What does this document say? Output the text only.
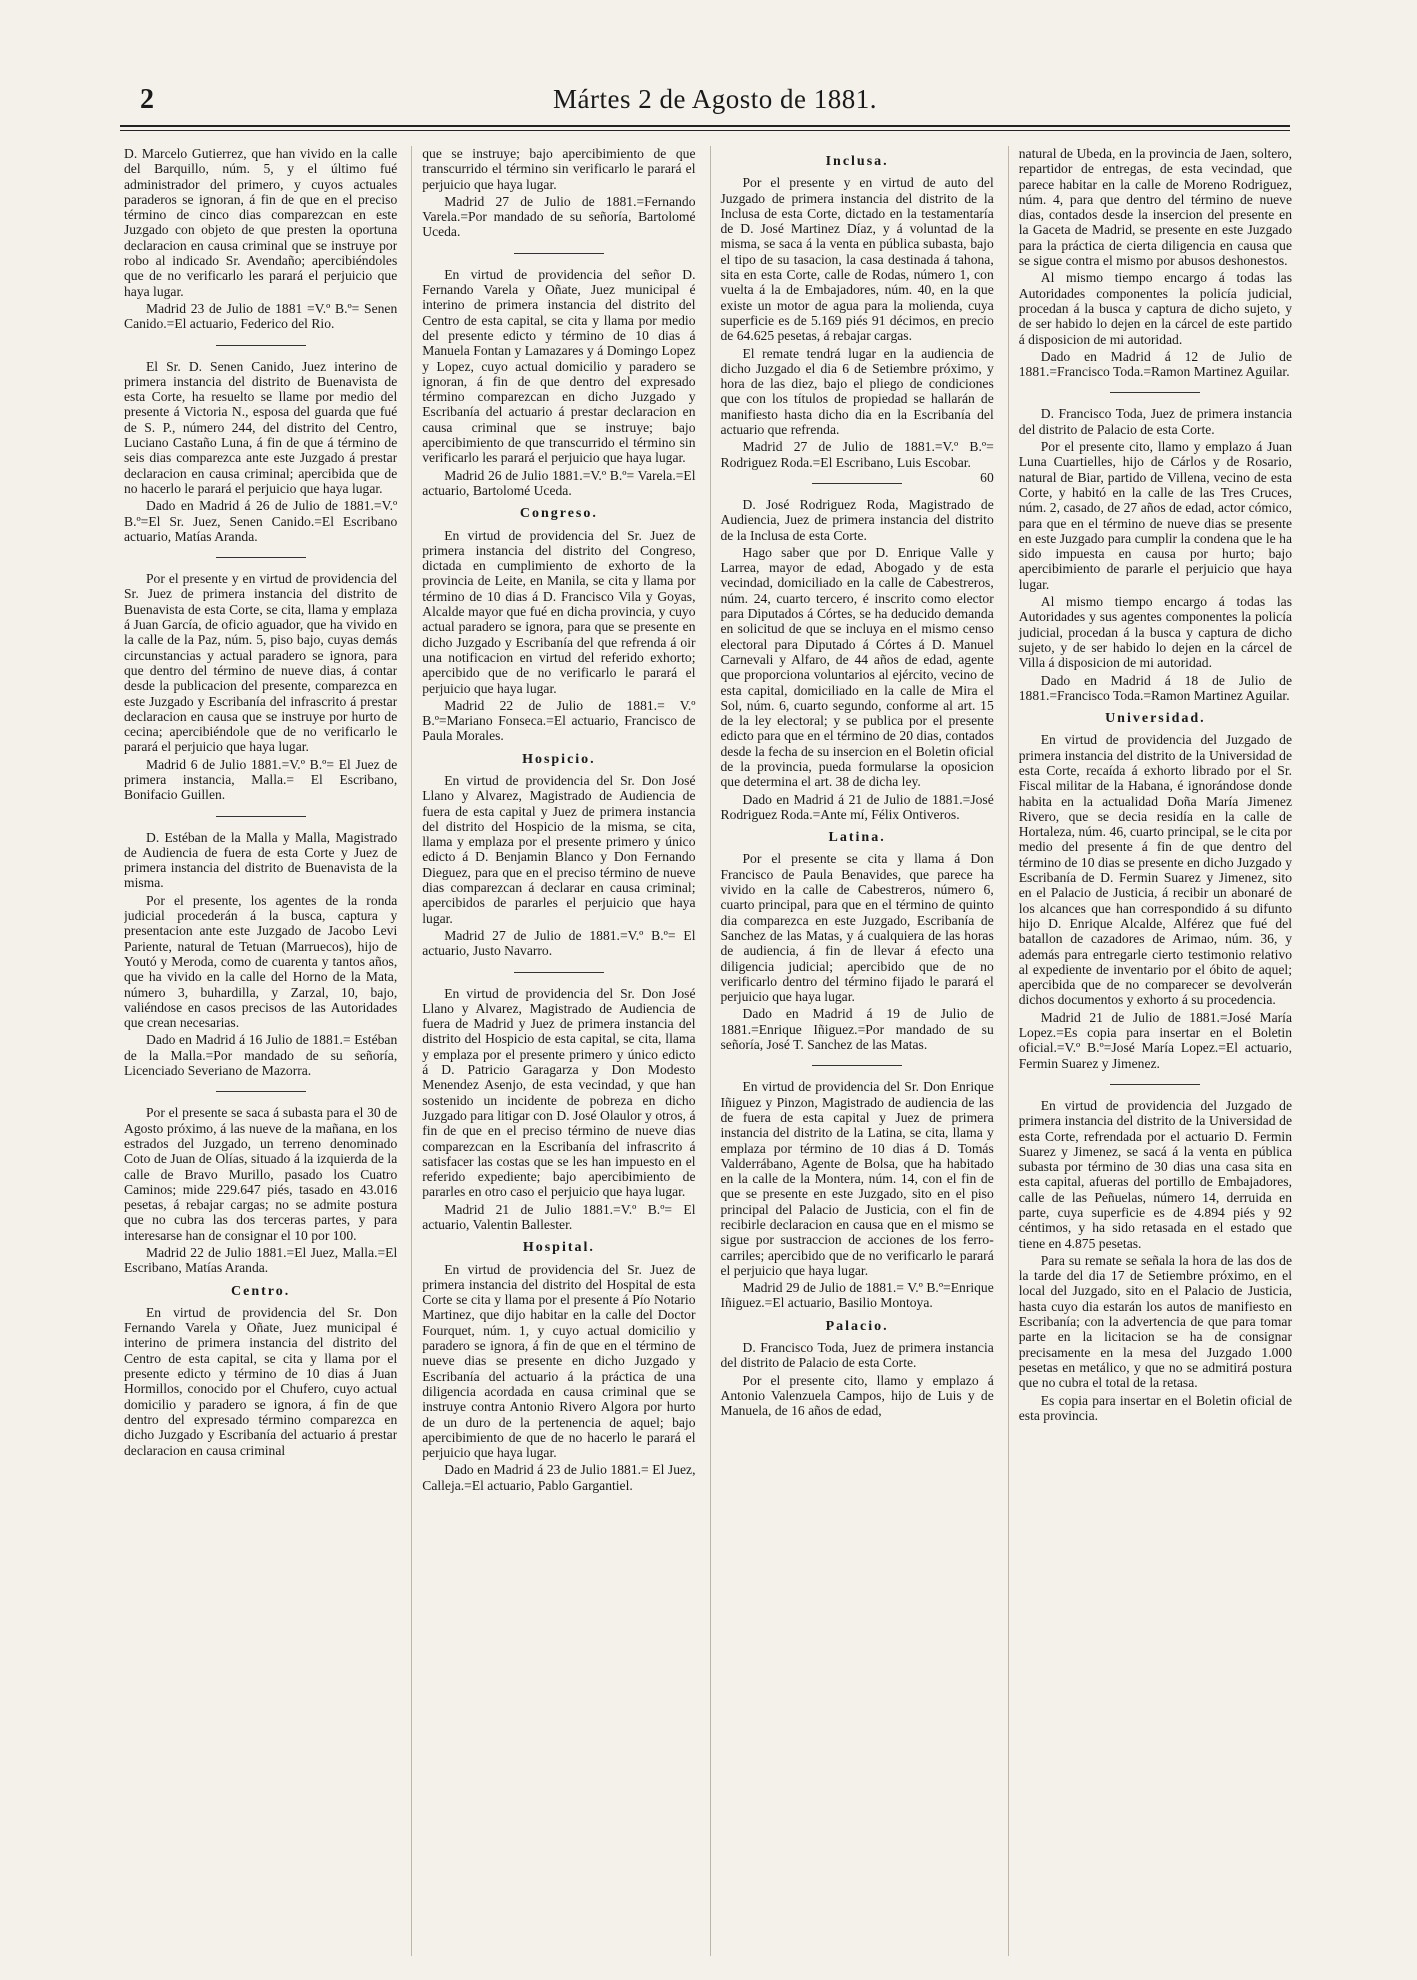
2	Mártes 2 de Agosto de 1881.

D. Marcelo Gutierrez, que han vivido en la calle del Barquillo, núm. 5, y el último fué administrador del primero, y cuyos actuales paraderos se ignoran, á fin de que en el preciso término de cinco dias comparezcan en este Juzgado con objeto de que presten la oportuna declaracion en causa criminal que se instruye por robo al indicado Sr. Avendaño; apercibiéndoles que de no verificarlo les parará el perjuicio que haya lugar.

Madrid 23 de Julio de 1881 =V.º B.º= Senen Canido.=El actuario, Federico del Rio.

El Sr. D. Senen Canido, Juez interino de primera instancia del distrito de Buenavista de esta Corte, ha resuelto se llame por medio del presente á Victoria N., esposa del guarda que fué de S. P., número 244, del distrito del Centro, Luciano Castaño Luna, á fin de que á término de seis dias comparezca ante este Juzgado á prestar declaracion en causa criminal; apercibida que de no hacerlo le parará el perjuicio que haya lugar.

Dado en Madrid á 26 de Julio de 1881.=V.º B.º=El Sr. Juez, Senen Canido.=El Escribano actuario, Matías Aranda.

Por el presente y en virtud de providencia del Sr. Juez de primera instancia del distrito de Buenavista de esta Corte, se cita, llama y emplaza á Juan García, de oficio aguador, que ha vivido en la calle de la Paz, núm. 5, piso bajo, cuyas demás circunstancias y actual paradero se ignora, para que dentro del término de nueve dias, á contar desde la publicacion del presente, comparezca en este Juzgado y Escribanía del infrascrito á prestar declaracion en causa que se instruye por hurto de cecina; apercibiéndole que de no verificarlo le parará el perjuicio que haya lugar.

Madrid 6 de Julio 1881.=V.º B.º= El Juez de primera instancia, Malla.= El Escribano, Bonifacio Guillen.

D. Estéban de la Malla y Malla, Magistrado de Audiencia de fuera de esta Corte y Juez de primera instancia del distrito de Buenavista de la misma.

Por el presente, los agentes de la ronda judicial procederán á la busca, captura y presentacion ante este Juzgado de Jacobo Levi Pariente, natural de Tetuan (Marruecos), hijo de Youtó y Meroda, como de cuarenta y tantos años, que ha vivido en la calle del Horno de la Mata, número 3, buhardilla, y Zarzal, 10, bajo, valiéndose en casos precisos de las Autoridades que crean necesarias.

Dado en Madrid á 16 Julio de 1881.= Estéban de la Malla.=Por mandado de su señoría, Licenciado Severiano de Mazorra.

Por el presente se saca á subasta para el 30 de Agosto próximo, á las nueve de la mañana, en los estrados del Juzgado, un terreno denominado Coto de Juan de Olías, situado á la izquierda de la calle de Bravo Murillo, pasado los Cuatro Caminos; mide 229.647 piés, tasado en 43.016 pesetas, á rebajar cargas; no se admite postura que no cubra las dos terceras partes, y para interesarse han de consignar el 10 por 100.

Madrid 22 de Julio 1881.=El Juez, Malla.=El Escribano, Matías Aranda.

Centro.

En virtud de providencia del Sr. Don Fernando Varela y Oñate, Juez municipal é interino de primera instancia del distrito del Centro de esta capital, se cita y llama por el presente edicto y término de 10 dias á Juan Hormillos, conocido por el Chufero, cuyo actual domicilio y paradero se ignora, á fin de que dentro del expresado término comparezca en dicho Juzgado y Escribanía del actuario á prestar declaracion en causa criminal

que se instruye; bajo apercibimiento de que transcurrido el término sin verificarlo le parará el perjuicio que haya lugar.

Madrid 27 de Julio de 1881.=Fernando Varela.=Por mandado de su señoría, Bartolomé Uceda.

En virtud de providencia del señor D. Fernando Varela y Oñate, Juez municipal é interino de primera instancia del distrito del Centro de esta capital, se cita y llama por medio del presente edicto y término de 10 dias á Manuela Fontan y Lamazares y á Domingo Lopez y Lopez, cuyo actual domicilio y paradero se ignoran, á fin de que dentro del expresado término comparezcan en dicho Juzgado y Escribanía del actuario á prestar declaracion en causa criminal que se instruye; bajo apercibimiento de que transcurrido el término sin verificarlo les parará el perjuicio que haya lugar.

Madrid 26 de Julio 1881.=V.º B.º= Varela.=El actuario, Bartolomé Uceda.

Congreso.

En virtud de providencia del Sr. Juez de primera instancia del distrito del Congreso, dictada en cumplimiento de exhorto de la provincia de Leite, en Manila, se cita y llama por término de 10 dias á D. Francisco Vila y Goyas, Alcalde mayor que fué en dicha provincia, y cuyo actual paradero se ignora, para que se presente en dicho Juzgado y Escribanía del que refrenda á oir una notificacion en virtud del referido exhorto; apercibido que de no verificarlo le parará el perjuicio que haya lugar.

Madrid 22 de Julio de 1881.= V.º B.º=Mariano Fonseca.=El actuario, Francisco de Paula Morales.

Hospicio.

En virtud de providencia del Sr. Don José Llano y Alvarez, Magistrado de Audiencia de fuera de esta capital y Juez de primera instancia del distrito del Hospicio de la misma, se cita, llama y emplaza por el presente primero y único edicto á D. Benjamin Blanco y Don Fernando Dieguez, para que en el preciso término de nueve dias comparezcan á declarar en causa criminal; apercibidos de pararles el perjuicio que haya lugar.

Madrid 27 de Julio de 1881.=V.º B.º= El actuario, Justo Navarro.

En virtud de providencia del Sr. Don José Llano y Alvarez, Magistrado de Audiencia de fuera de Madrid y Juez de primera instancia del distrito del Hospicio de esta capital, se cita, llama y emplaza por el presente primero y único edicto á D. Patricio Garagarza y Don Modesto Menendez Asenjo, de esta vecindad, y que han sostenido un incidente de pobreza en dicho Juzgado para litigar con D. José Olaulor y otros, á fin de que en el preciso término de nueve dias comparezcan en la Escribanía del infrascrito á satisfacer las costas que se les han impuesto en el referido expediente; bajo apercibimiento de pararles en otro caso el perjuicio que haya lugar.

Madrid 21 de Julio 1881.=V.º B.º= El actuario, Valentin Ballester.

Hospital.

En virtud de providencia del Sr. Juez de primera instancia del distrito del Hospital de esta Corte se cita y llama por el presente á Pío Notario Martinez, que dijo habitar en la calle del Doctor Fourquet, núm. 1, y cuyo actual domicilio y paradero se ignora, á fin de que en el término de nueve dias se presente en dicho Juzgado y Escribanía del actuario á la práctica de una diligencia acordada en causa criminal que se instruye contra Antonio Rivero Algora por hurto de un duro de la pertenencia de aquel; bajo apercibimiento de que de no hacerlo le parará el perjuicio que haya lugar.

Dado en Madrid á 23 de Julio 1881.= El Juez, Calleja.=El actuario, Pablo Gargantiel.

Inclusa.

Por el presente y en virtud de auto del Juzgado de primera instancia del distrito de la Inclusa de esta Corte, dictado en la testamentaría de D. José Martinez Díaz, y á voluntad de la misma, se saca á la venta en pública subasta, bajo el tipo de su tasacion, la casa destinada á tahona, sita en esta Corte, calle de Rodas, número 1, con vuelta á la de Embajadores, núm. 40, en la que existe un motor de agua para la molienda, cuya superficie es de 5.169 piés 91 décimos, en precio de 64.625 pesetas, á rebajar cargas.

El remate tendrá lugar en la audiencia de dicho Juzgado el dia 6 de Setiembre próximo, y hora de las diez, bajo el pliego de condiciones que con los títulos de propiedad se hallarán de manifiesto hasta dicho dia en la Escribanía del actuario que refrenda.

Madrid 27 de Julio de 1881.=V.º B.º= Rodriguez Roda.=El Escribano, Luis Escobar.
60

D. José Rodriguez Roda, Magistrado de Audiencia, Juez de primera instancia del distrito de la Inclusa de esta Corte.

Hago saber que por D. Enrique Valle y Larrea, mayor de edad, Abogado y de esta vecindad, domiciliado en la calle de Cabestreros, núm. 24, cuarto tercero, é inscrito como elector para Diputados á Córtes, se ha deducido demanda en solicitud de que se incluya en el mismo censo electoral para Diputado á Córtes á D. Manuel Carnevali y Alfaro, de 44 años de edad, agente que proporciona voluntarios al ejército, vecino de esta capital, domiciliado en la calle de Mira el Sol, núm. 6, cuarto segundo, conforme al art. 15 de la ley electoral; y se publica por el presente edicto para que en el término de 20 dias, contados desde la fecha de su insercion en el Boletin oficial de la provincia, pueda formularse la oposicion que determina el art. 38 de dicha ley.

Dado en Madrid á 21 de Julio de 1881.=José Rodriguez Roda.=Ante mí, Félix Ontiveros.

Latina.

Por el presente se cita y llama á Don Francisco de Paula Benavides, que parece ha vivido en la calle de Cabestreros, número 6, cuarto principal, para que en el término de quinto dia comparezca en este Juzgado, Escribanía de Sanchez de las Matas, y á cualquiera de las horas de audiencia, á fin de llevar á efecto una diligencia judicial; apercibido que de no verificarlo dentro del término fijado le parará el perjuicio que haya lugar.

Dado en Madrid á 19 de Julio de 1881.=Enrique Iñiguez.=Por mandado de su señoría, José T. Sanchez de las Matas.

En virtud de providencia del Sr. Don Enrique Iñiguez y Pinzon, Magistrado de audiencia de las de fuera de esta capital y Juez de primera instancia del distrito de la Latina, se cita, llama y emplaza por término de 10 dias á D. Tomás Valderrábano, Agente de Bolsa, que ha habitado en la calle de la Montera, núm. 14, con el fin de que se presente en este Juzgado, sito en el piso principal del Palacio de Justicia, con el fin de recibirle declaracion en causa que en el mismo se sigue por sustraccion de acciones de los ferro-carriles; apercibido que de no verificarlo le parará el perjuicio que haya lugar.

Madrid 29 de Julio de 1881.= V.º B.º=Enrique Iñiguez.=El actuario, Basilio Montoya.

Palacio.

D. Francisco Toda, Juez de primera instancia del distrito de Palacio de esta Corte.

Por el presente cito, llamo y emplazo á Antonio Valenzuela Campos, hijo de Luis y de Manuela, de 16 años de edad,

natural de Ubeda, en la provincia de Jaen, soltero, repartidor de entregas, de esta vecindad, que parece habitar en la calle de Moreno Rodriguez, núm. 4, para que dentro del término de nueve dias, contados desde la insercion del presente en la Gaceta de Madrid, se presente en este Juzgado para la práctica de cierta diligencia en causa que se sigue contra el mismo por abusos deshonestos.

Al mismo tiempo encargo á todas las Autoridades componentes la policía judicial, procedan á la busca y captura de dicho sujeto, y de ser habido lo dejen en la cárcel de este partido á disposicion de mi autoridad.

Dado en Madrid á 12 de Julio de 1881.=Francisco Toda.=Ramon Martinez Aguilar.

D. Francisco Toda, Juez de primera instancia del distrito de Palacio de esta Corte.

Por el presente cito, llamo y emplazo á Juan Luna Cuartielles, hijo de Cárlos y de Rosario, natural de Biar, partido de Villena, vecino de esta Corte, y habitó en la calle de las Tres Cruces, núm. 2, casado, de 27 años de edad, actor cómico, para que en el término de nueve dias se presente en este Juzgado para cumplir la condena que le ha sido impuesta en causa por hurto; bajo apercibimiento de pararle el perjuicio que haya lugar.

Al mismo tiempo encargo á todas las Autoridades y sus agentes componentes la policía judicial, procedan á la busca y captura de dicho sujeto, y de ser habido lo dejen en la cárcel de Villa á disposicion de mi autoridad.

Dado en Madrid á 18 de Julio de 1881.=Francisco Toda.=Ramon Martinez Aguilar.

Universidad.

En virtud de providencia del Juzgado de primera instancia del distrito de la Universidad de esta Corte, recaída á exhorto librado por el Sr. Fiscal militar de la Habana, é ignorándose donde habita en la actualidad Doña María Jimenez Rivero, que se decia residía en la calle de Hortaleza, núm. 46, cuarto principal, se le cita por medio del presente á fin de que dentro del término de 10 dias se presente en dicho Juzgado y Escribanía de D. Fermin Suarez y Jimenez, sito en el Palacio de Justicia, á recibir un abonaré de los alcances que han correspondido á su difunto hijo D. Enrique Alcalde, Alférez que fué del batallon de cazadores de Arimao, núm. 36, y además para entregarle cierto testimonio relativo al expediente de inventario por el óbito de aquel; apercibida que de no comparecer se devolverán dichos documentos y exhorto á su procedencia.

Madrid 21 de Julio de 1881.=José María Lopez.=Es copia para insertar en el Boletin oficial.=V.º B.º=José María Lopez.=El actuario, Fermin Suarez y Jimenez.

En virtud de providencia del Juzgado de primera instancia del distrito de la Universidad de esta Corte, refrendada por el actuario D. Fermin Suarez y Jimenez, se sacá á la venta en pública subasta por término de 30 dias una casa sita en esta capital, afueras del portillo de Embajadores, calle de las Peñuelas, número 14, derruida en parte, cuya superficie es de 4.894 piés y 92 céntimos, y ha sido retasada en el estado que tiene en 4.875 pesetas.

Para su remate se señala la hora de las dos de la tarde del dia 17 de Setiembre próximo, en el local del Juzgado, sito en el Palacio de Justicia, hasta cuyo dia estarán los autos de manifiesto en Escribanía; con la advertencia de que para tomar parte en la licitacion se ha de consignar precisamente en la mesa del Juzgado 1.000 pesetas en metálico, y que no se admitirá postura que no cubra el total de la retasa.

Es copia para insertar en el Boletin oficial de esta provincia.
